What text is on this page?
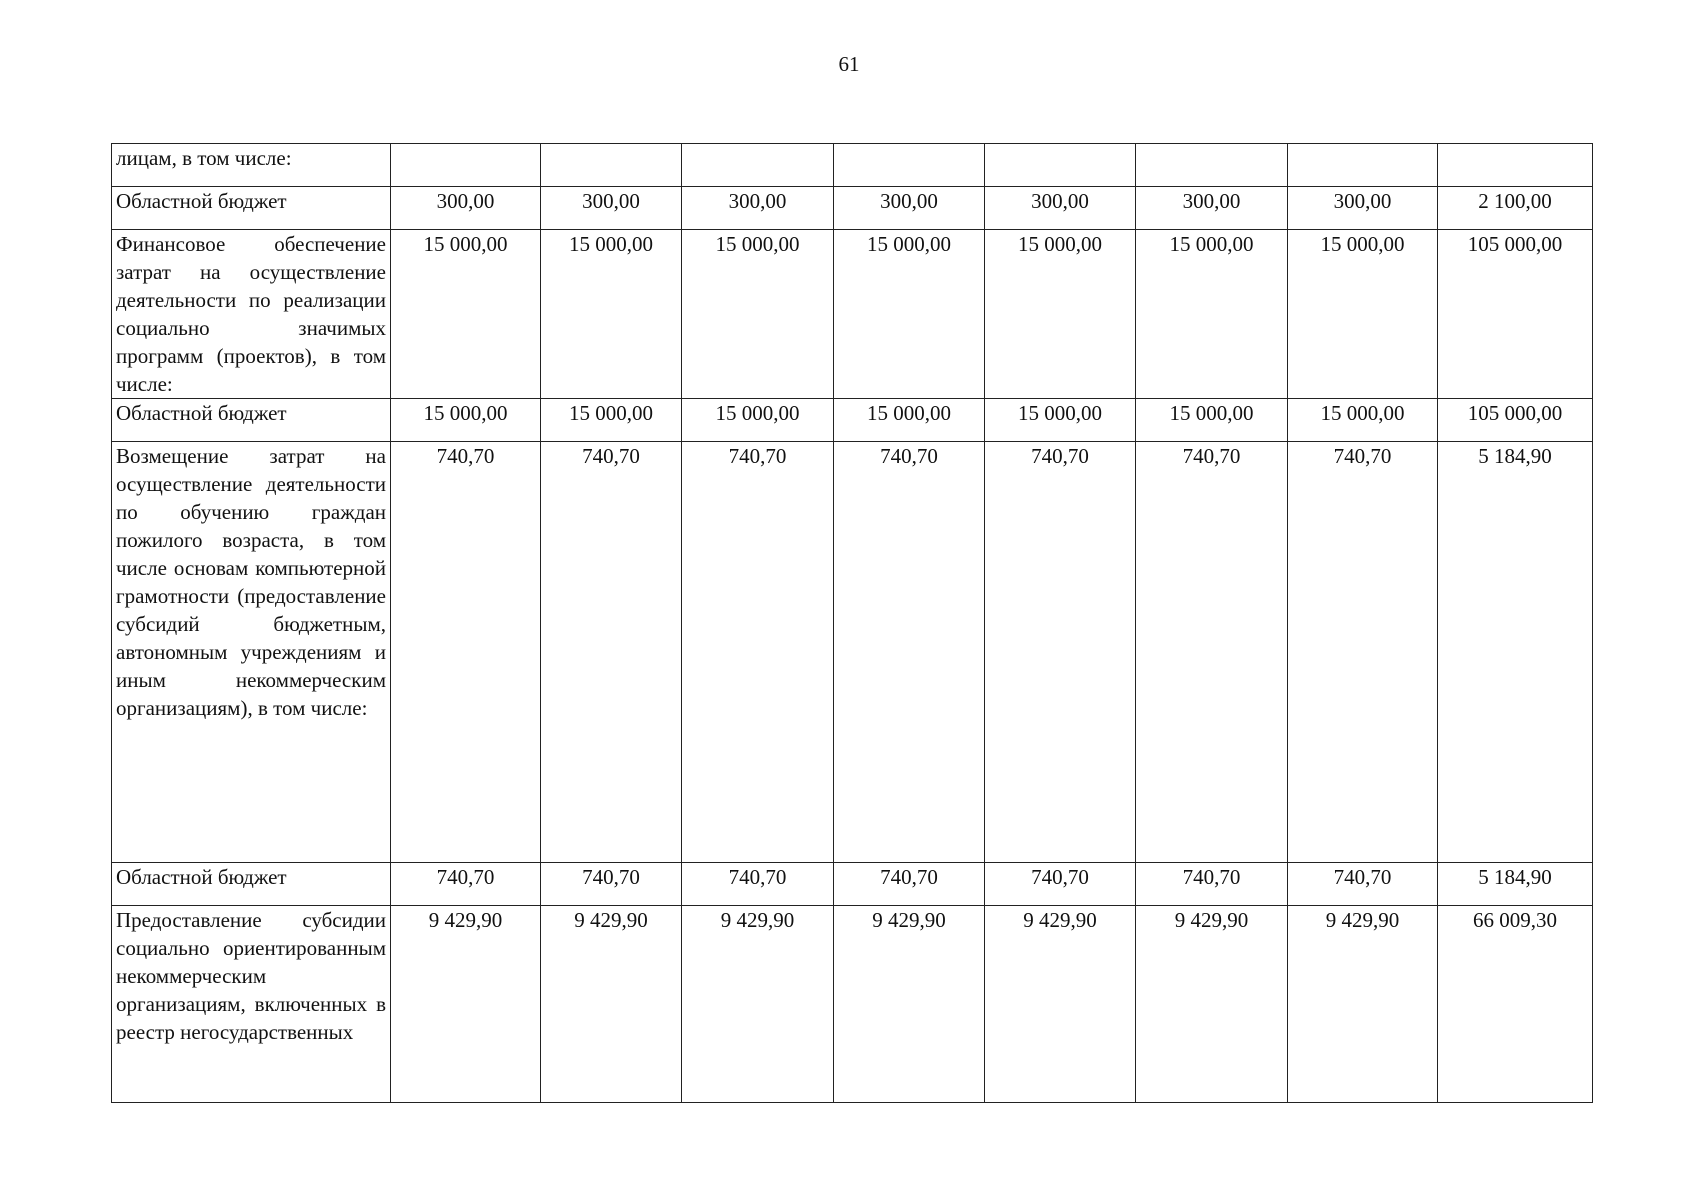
61
лицам, в том числе:								
Областной бюджет	300,00	300,00	300,00	300,00	300,00	300,00	300,00	2 100,00
Финансовое обеспечение затрат на осуществление деятельности по реализации социально значимых программ (проектов), в том числе:	15 000,00	15 000,00	15 000,00	15 000,00	15 000,00	15 000,00	15 000,00	105 000,00
Областной бюджет	15 000,00	15 000,00	15 000,00	15 000,00	15 000,00	15 000,00	15 000,00	105 000,00
Возмещение затрат на осуществление деятельности по обучению граждан пожилого возраста, в том числе основам компьютерной грамотности (предоставление субсидий бюджетным, автономным учреждениям и иным некоммерческим организациям), в том числе:	740,70	740,70	740,70	740,70	740,70	740,70	740,70	5 184,90
Областной бюджет	740,70	740,70	740,70	740,70	740,70	740,70	740,70	5 184,90
Предоставление субсидии социально ориентированным некоммерческим организациям, включенных в реестр негосударственных	9 429,90	9 429,90	9 429,90	9 429,90	9 429,90	9 429,90	9 429,90	66 009,30
